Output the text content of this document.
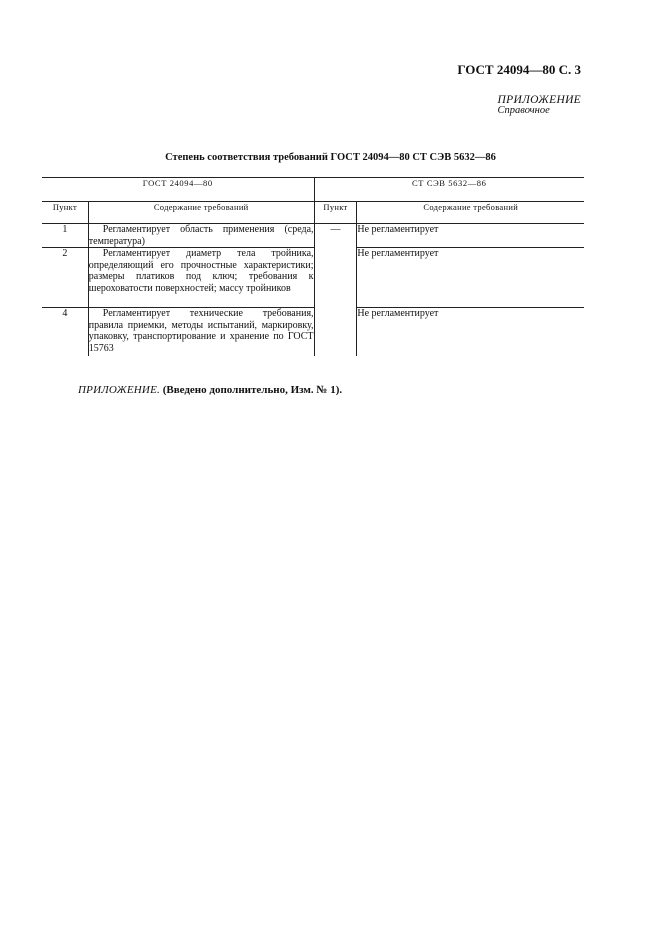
ГОСТ 24094—80 С. 3
ПРИЛОЖЕНИЕ
Справочное
Степень соответствия требований ГОСТ 24094—80 СТ СЭВ 5632—86
ГОСТ 24094—80		СТ СЭВ 5632—86	
Пункт	Содержание требований	Пункт	Содержание требований
1	Регламентирует область применения (среда, температура)	—	Не регламентирует
2	Регламентирует диаметр тела тройника, определяющий его прочностные характеристики; размеры платиков под ключ; требования к шероховатости поверхностей; массу тройников		Не регламентирует
4	Регламентирует технические требования, правила приемки, методы испытаний, маркировку, упаковку, транспортирование и хранение по ГОСТ 15763		Не регламентирует
ПРИЛОЖЕНИЕ. (Введено дополнительно, Изм. № 1).
